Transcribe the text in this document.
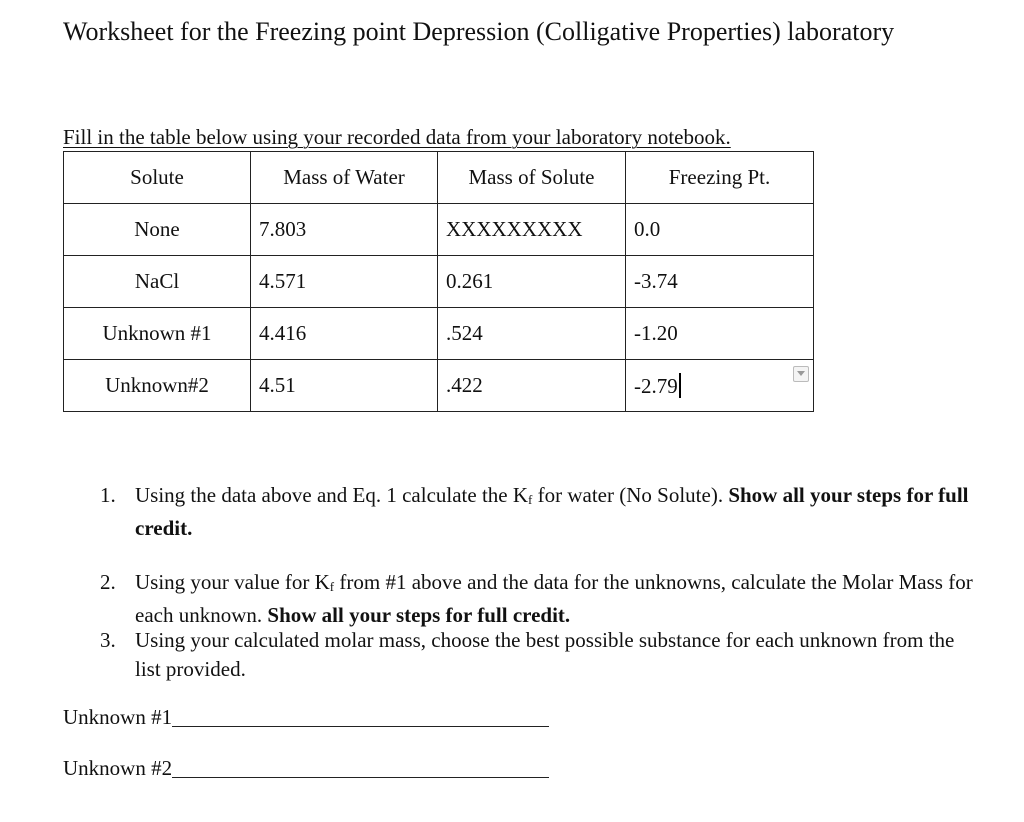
Worksheet for the Freezing point Depression (Colligative Properties) laboratory
Fill in the table below using your recorded data from your laboratory notebook.
Solute	Mass of Water	Mass of Solute	Freezing Pt.
None	7.803	XXXXXXXXX	0.0
NaCl	4.571	0.261	-3.74
Unknown #1	4.416	.524	-1.20
Unknown#2	4.51	.422	-2.79
1. Using the data above and Eq. 1 calculate the Kf for water (No Solute). Show all your steps for full credit.
2. Using your value for Kf from #1 above and the data for the unknowns, calculate the Molar Mass for each unknown. Show all your steps for full credit.
3. Using your calculated molar mass, choose the best possible substance for each unknown from the list provided.
Unknown #1
Unknown #2
